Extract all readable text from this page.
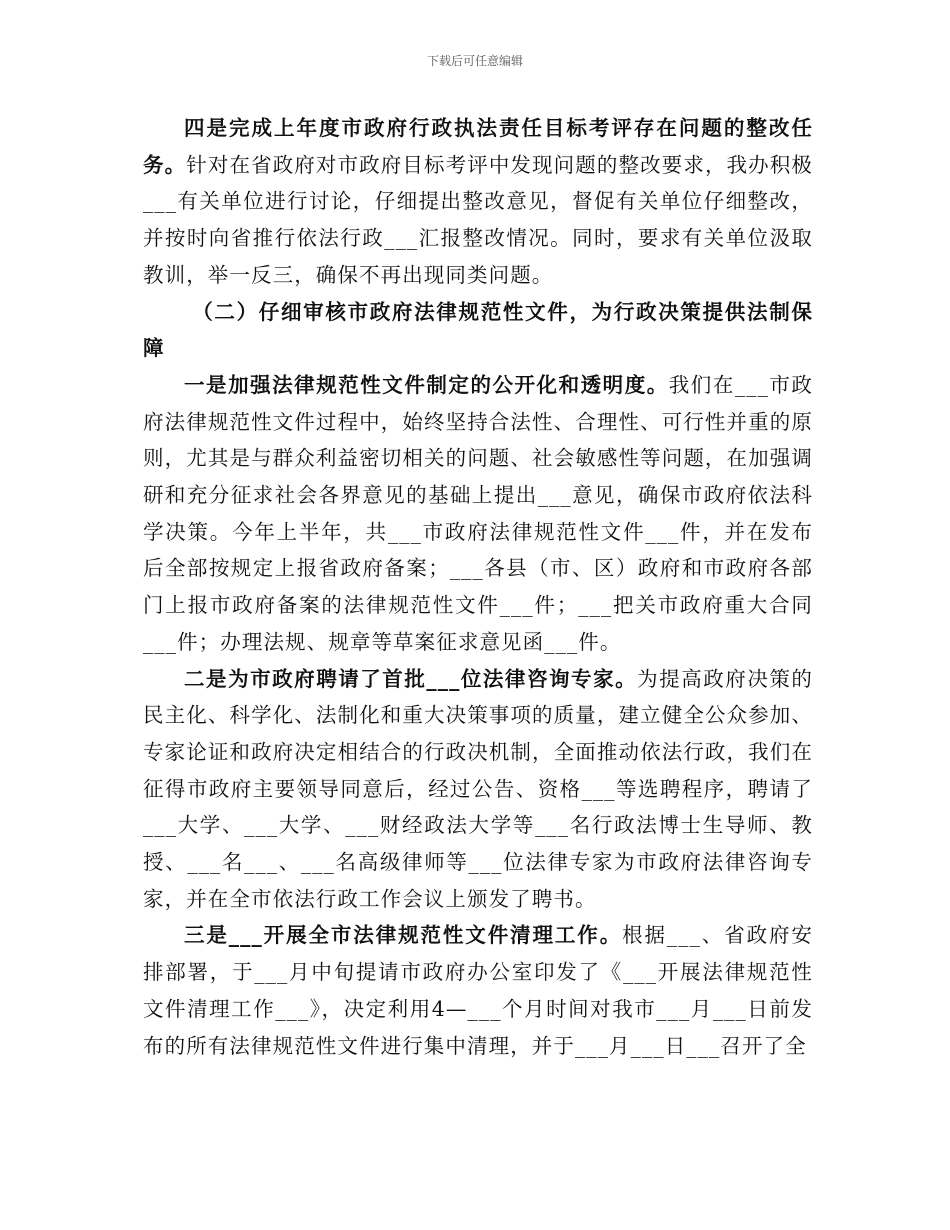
下载后可任意编辑

四是完成上年度市政府行政执法责任目标考评存在问题的整改任务。针对在省政府对市政府目标考评中发现问题的整改要求，我办积极___有关单位进行讨论，仔细提出整改意见，督促有关单位仔细整改，并按时向省推行依法行政___汇报整改情况。同时，要求有关单位汲取教训，举一反三，确保不再出现同类问题。

（二）仔细审核市政府法律规范性文件，为行政决策提供法制保障

一是加强法律规范性文件制定的公开化和透明度。我们在___市政府法律规范性文件过程中，始终坚持合法性、合理性、可行性并重的原则，尤其是与群众利益密切相关的问题、社会敏感性等问题，在加强调研和充分征求社会各界意见的基础上提出___意见，确保市政府依法科学决策。今年上半年，共___市政府法律规范性文件___件，并在发布后全部按规定上报省政府备案；___各县（市、区）政府和市政府各部门上报市政府备案的法律规范性文件___件；___把关市政府重大合同___件；办理法规、规章等草案征求意见函___件。

二是为市政府聘请了首批___位法律咨询专家。为提高政府决策的民主化、科学化、法制化和重大决策事项的质量，建立健全公众参加、专家论证和政府决定相结合的行政决机制，全面推动依法行政，我们在征得市政府主要领导同意后，经过公告、资格___等选聘程序，聘请了___大学、___大学、___财经政法大学等___名行政法博士生导师、教授、___名___、___名高级律师等___位法律专家为市政府法律咨询专家，并在全市依法行政工作会议上颁发了聘书。

三是___开展全市法律规范性文件清理工作。根据___、省政府安排部署，于___月中旬提请市政府办公室印发了《___开展法律规范性文件清理工作___》，决定利用4—___个月时间对我市___月___日前发布的所有法律规范性文件进行集中清理，并于___月___日___召开了全
